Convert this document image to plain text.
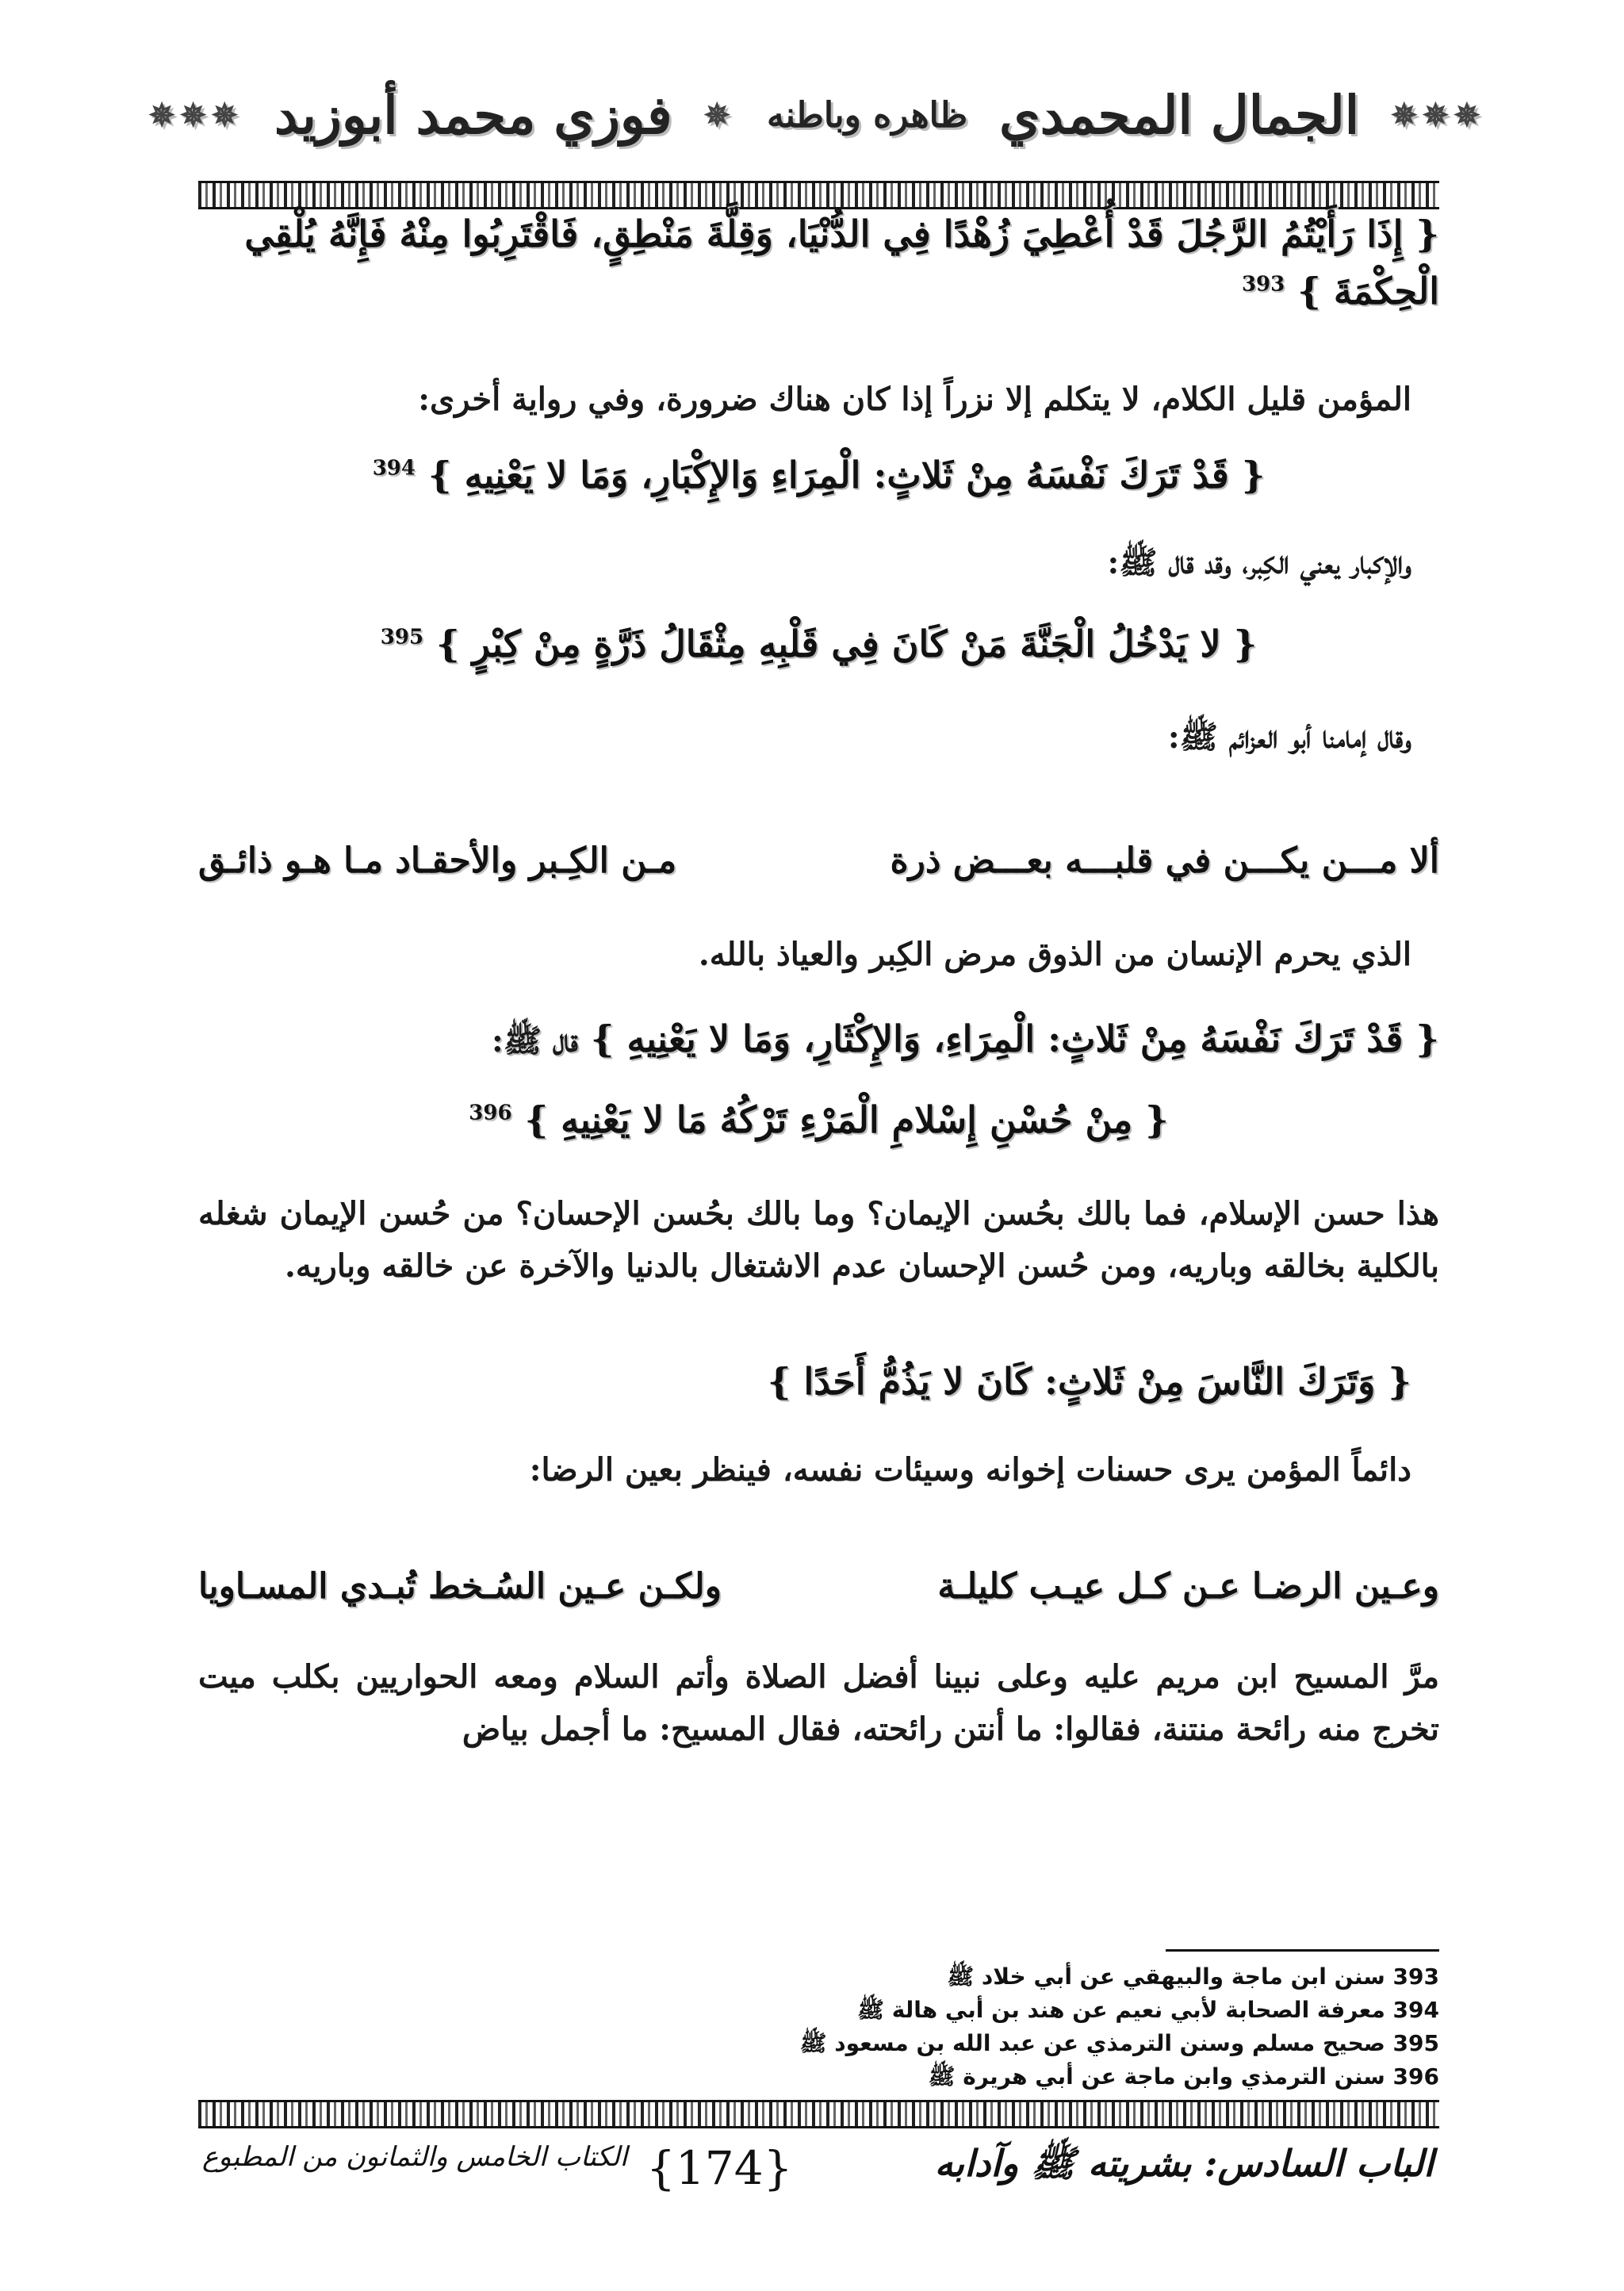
✵✵✵
الجمال المحمدي
ظاهره وباطنه
✵
فوزي محمد أبوزيد
✵✵✵
{ إِذَا رَأَيْتُمُ الرَّجُلَ قَدْ أُعْطِيَ زُهْدًا فِي الدُّنْيَا، وَقِلَّةَ مَنْطِقٍ، فَاقْتَرِبُوا مِنْهُ فَإِنَّهُ يُلْقِي
الْحِكْمَةَ } $^{393}$
المؤمن قليل الكلام، لا يتكلم إلا نزراً إذا كان هناك ضرورة، وفي رواية أخرى:
{ قَدْ تَرَكَ نَفْسَهُ مِنْ ثَلاثٍ: الْمِرَاءِ وَالإِكْبَارِ، وَمَا لا يَعْنِيهِ } $^{394}$
والإكبار يعني الكِبر، وقد قال ﷺ:
{ لا يَدْخُلُ الْجَنَّةَ مَنْ كَانَ فِي قَلْبِهِ مِثْقَالُ ذَرَّةٍ مِنْ كِبْرٍ } $^{395}$
وقال إمامنا أبو العزائم ﷺ:
ألا مـــن يكـــن في قلبـــه بعـــض ذرة
مـن الكِـبر والأحقـاد مـا هـو ذائـق
الذي يحرم الإنسان من الذوق مرض الكِبر والعياذ بالله.
{ قَدْ تَرَكَ نَفْسَهُ مِنْ ثَلاثٍ: الْمِرَاءِ، وَالإِكْثَارِ، وَمَا لا يَعْنِيهِ } قال ﷺ:
{ مِنْ حُسْنِ إِسْلامِ الْمَرْءِ تَرْكُهُ مَا لا يَعْنِيهِ } $^{396}$
هذا حسن الإسلام، فما بالك بحُسن الإيمان؟ وما بالك بحُسن الإحسان؟ من حُسن الإيمان شغله بالكلية بخالقه وباريه، ومن حُسن الإحسان عدم الاشتغال بالدنيا والآخرة عن خالقه وباريه.
{ وَتَرَكَ النَّاسَ مِنْ ثَلاثٍ: كَانَ لا يَذُمُّ أَحَدًا }
دائماً المؤمن يرى حسنات إخوانه وسيئات نفسه، فينظر بعين الرضا:
وعـين الرضـا عـن كـل عيـب كليلـة
ولكـن عـين السُـخط تُبـدي المسـاويا
مرَّ المسيح ابن مريم عليه وعلى نبينا أفضل الصلاة وأتم السلام ومعه الحواريين بكلب ميت تخرج منه رائحة منتنة، فقالوا: ما أنتن رائحته، فقال المسيح: ما أجمل بياض
393 سنن ابن ماجة والبيهقي عن أبي خلاد ﷺ
394 معرفة الصحابة لأبي نعيم عن هند بن أبي هالة ﷺ
395 صحيح مسلم وسنن الترمذي عن عبد الله بن مسعود ﷺ
396 سنن الترمذي وابن ماجة عن أبي هريرة ﷺ
الباب السادس: بشريته ﷺ وآدابه
{174}
الكتاب الخامس والثمانون من المطبوع
